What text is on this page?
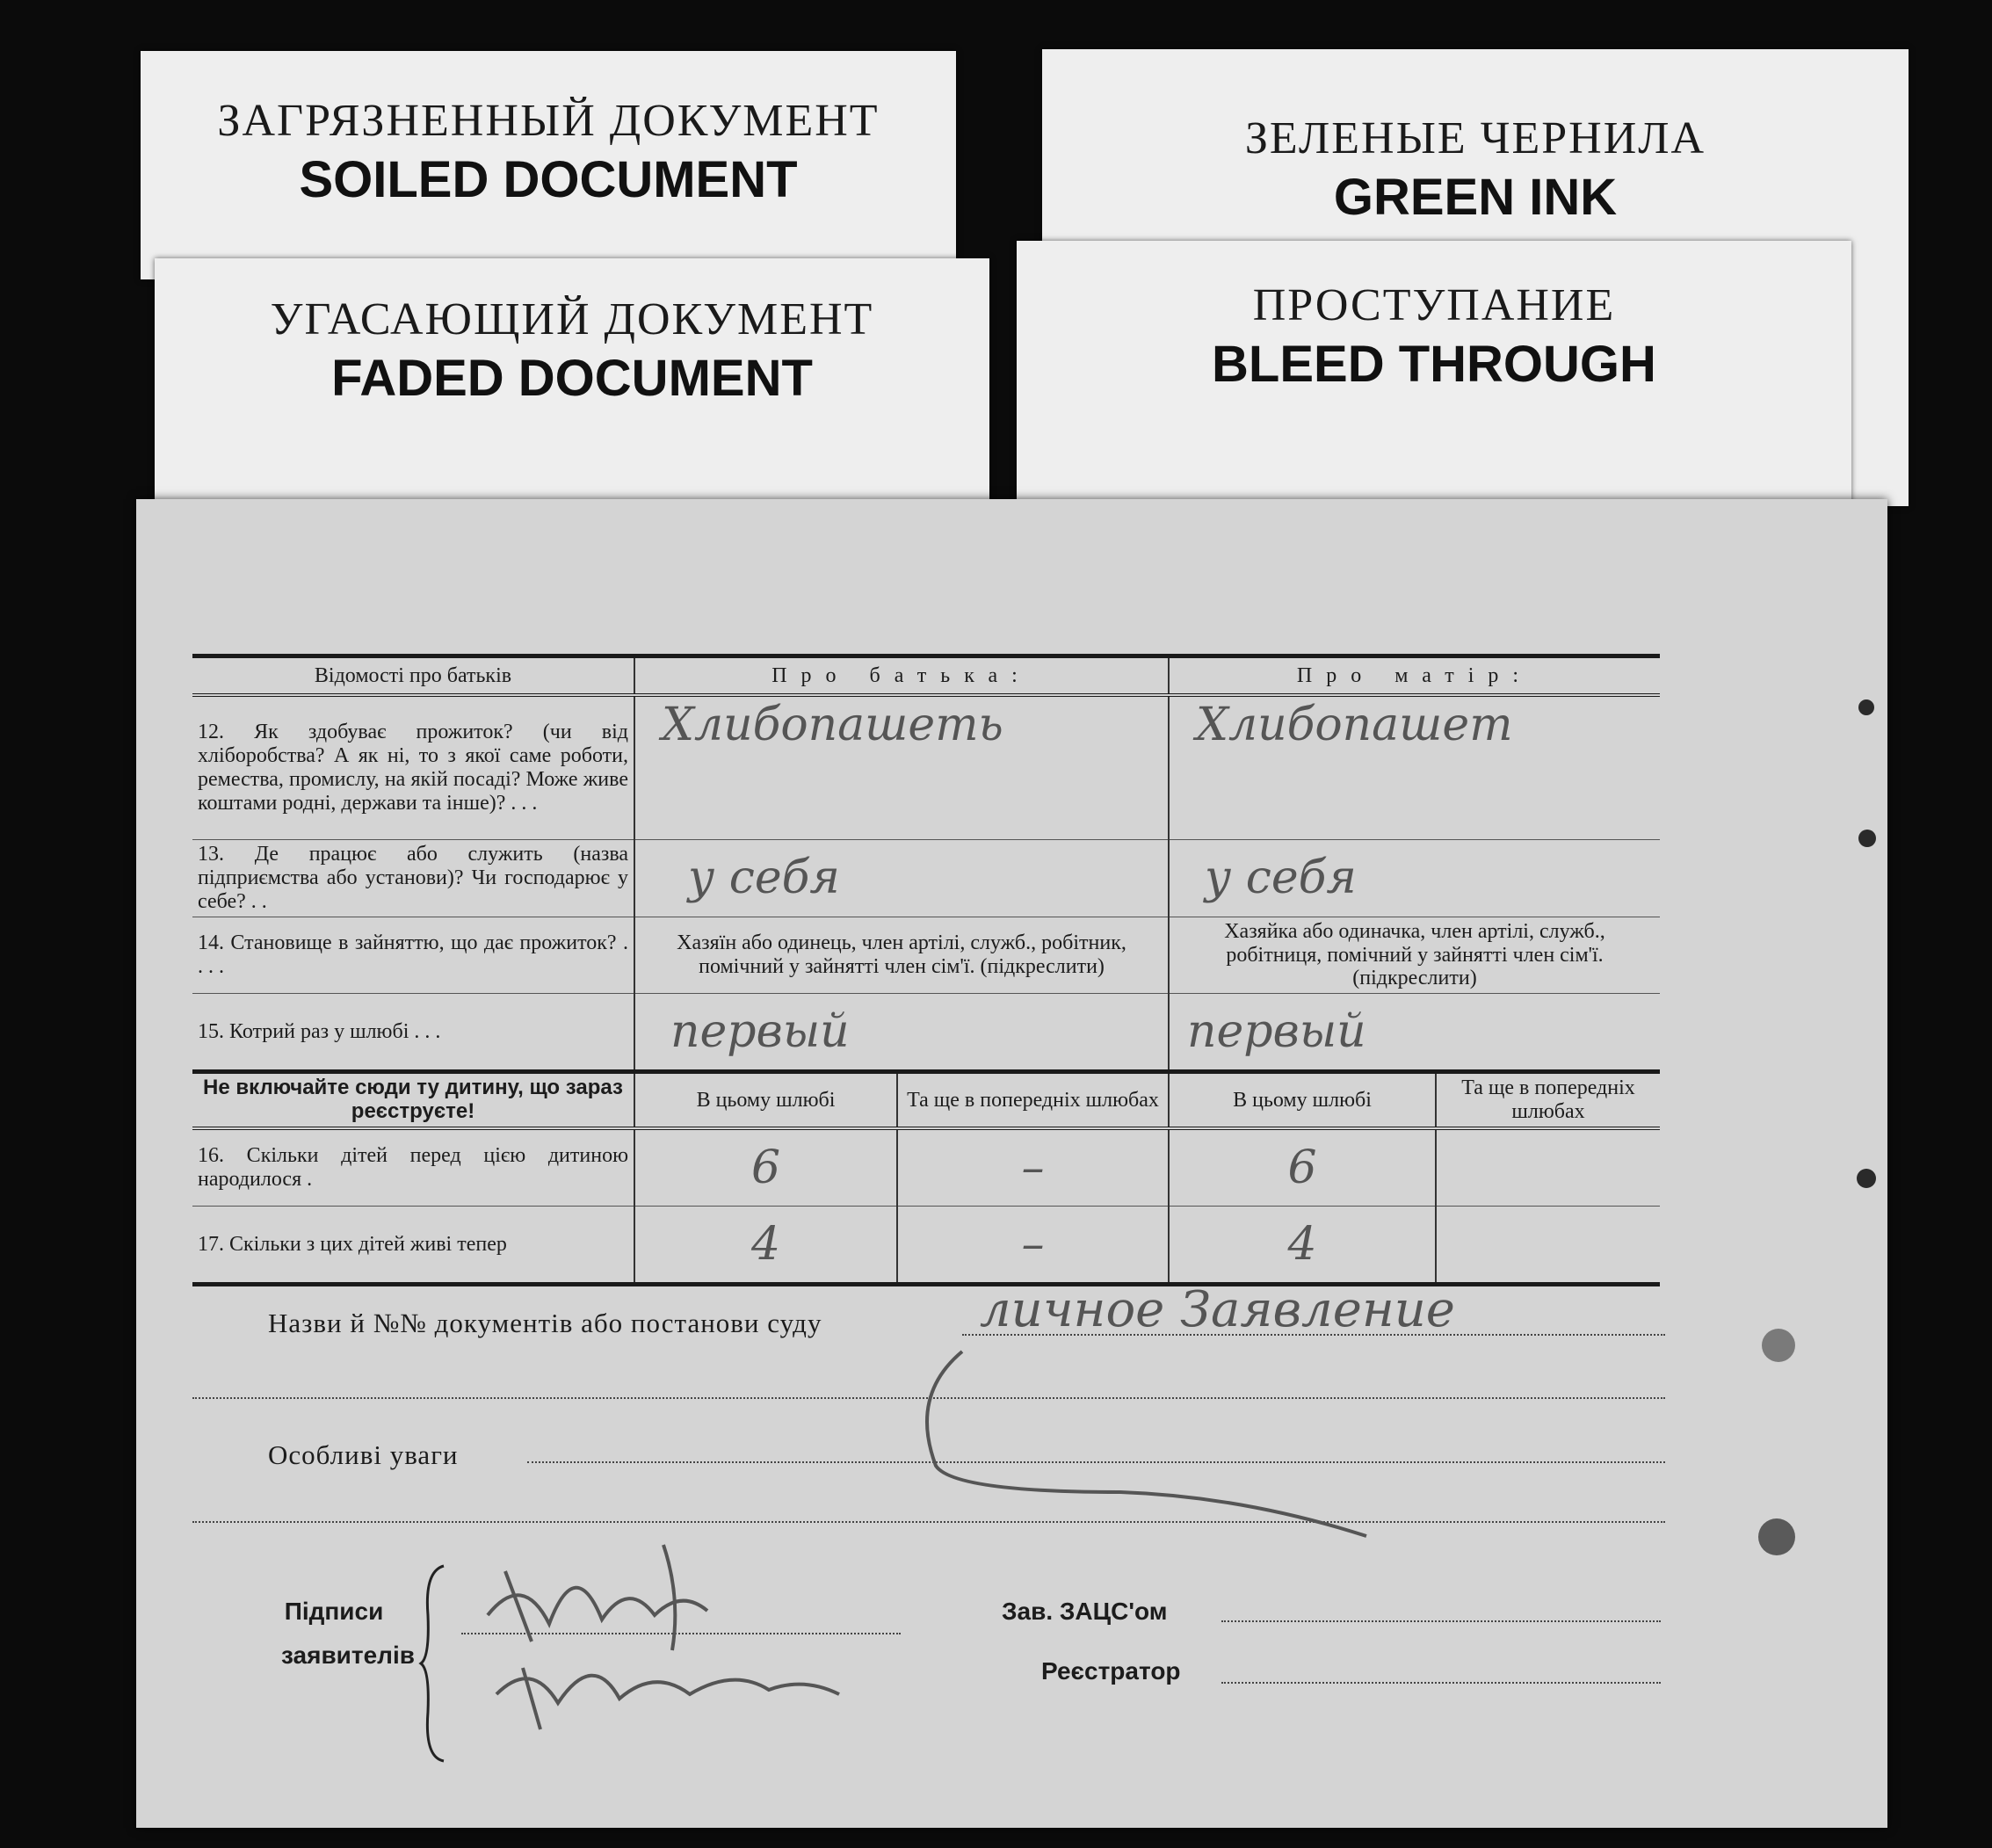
ЗАГРЯЗНЕННЫЙ ДОКУМЕНТ
SOILED DOCUMENT
ЗЕЛЕНЫЕ ЧЕРНИЛА
GREEN INK
УГАСАЮЩИЙ ДОКУМЕНТ
FADED DOCUMENT
ПРОСТУПАНИЕ
BLEED THROUGH
Відомості про батьків	Про батька:		Про матір:	
12. Як здобуває прожиток? (чи від хліборобства? А як ні, то з якої саме роботи, ремества, промислу, на якій посаді? Може живе коштами родні, держави та інше)? . . .	Хлибопашеть		Хлибопашет	
13. Де працює або служить (назва підприємства або установи)? Чи господарює у себе? . .	у себя		у себя	
14. Становище в зайняттю, що дає прожиток? . . . .	Хазяїн або одинець, член артілі, служб., робітник, помічний у зайнятті член сім'ї. (підкреслити)		Хазяйка або одиначка, член артілі, служб., робітниця, помічний у зайнятті член сім'ї. (підкреслити)	
15. Котрий раз у шлюбі . . .	первый		первый	
Не включайте сюди ту дитину, що зараз реєструєте!	В цьому шлюбі	Та ще в попередніх шлюбах	В цьому шлюбі	Та ще в попередніх шлюбах
16. Скільки дітей перед цією дитиною народилося .	6	–	6	
17. Скільки з цих дітей живі тепер	4	–	4	
Назви й №№ документів або постанови суду	личное Заявление
Особливі уваги
Підписи
заявителів
Зав. ЗАЦС'ом
Реєстратор
